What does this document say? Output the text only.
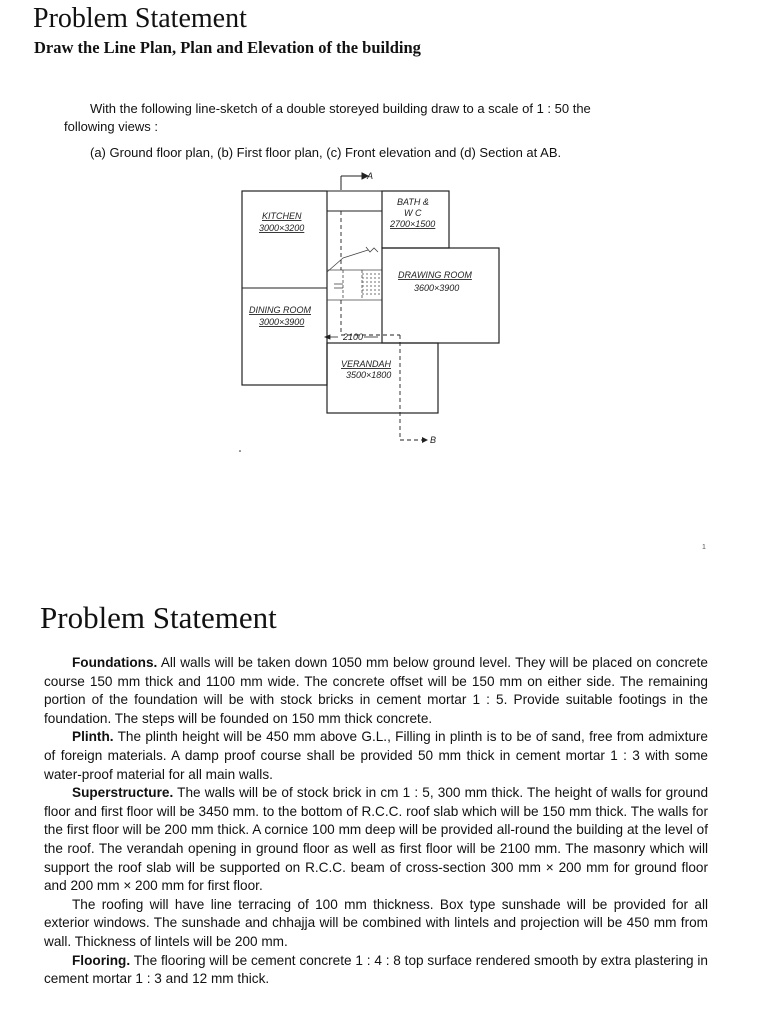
Problem Statement
Draw the Line Plan, Plan and Elevation of the building
With the following line-sketch of a double storeyed building draw to a scale of 1 : 50 the
following views :
(a) Ground floor plan, (b) First floor plan, (c) Front elevation and (d) Section at AB.
A
B
2100
KITCHEN
3000×3200
BATH &
W C
2700×1500
DRAWING ROOM
3600×3900
DINING ROOM
3000×3900
VERANDAH
3500×1800
1
Problem Statement

Foundations. All walls will be taken down 1050 mm below ground level. They will be placed on concrete course 150 mm thick and 1100 mm wide. The concrete offset will be 150 mm on either side. The remaining portion of the foundation will be with stock bricks in cement mortar 1 : 5. Provide suitable footings in the foundation. The steps will be founded on 150 mm thick concrete.

Plinth. The plinth height will be 450 mm above G.L., Filling in plinth is to be of sand, free from admixture of foreign materials. A damp proof course shall be provided 50 mm thick in cement mortar 1 : 3 with some water-proof material for all main walls.

Superstructure. The walls will be of stock brick in cm 1 : 5, 300 mm thick. The height of walls for ground floor and first floor will be 3450 mm. to the bottom of R.C.C. roof slab which will be 150 mm thick. The walls for the first floor will be 200 mm thick. A cornice 100 mm deep will be provided all-round the building at the level of the roof. The verandah opening in ground floor as well as first floor will be 2100 mm. The masonry which will support the roof slab will be supported on R.C.C. beam of cross-section 300 mm × 200 mm for ground floor and 200 mm × 200 mm for first floor.

The roofing will have line terracing of 100 mm thickness. Box type sunshade will be provided for all exterior windows. The sunshade and chhajja will be combined with lintels and projection will be 450 mm from wall. Thickness of lintels will be 200 mm.

Flooring. The flooring will be cement concrete 1 : 4 : 8 top surface rendered smooth by extra plastering in cement mortar 1 : 3 and 12 mm thick.
